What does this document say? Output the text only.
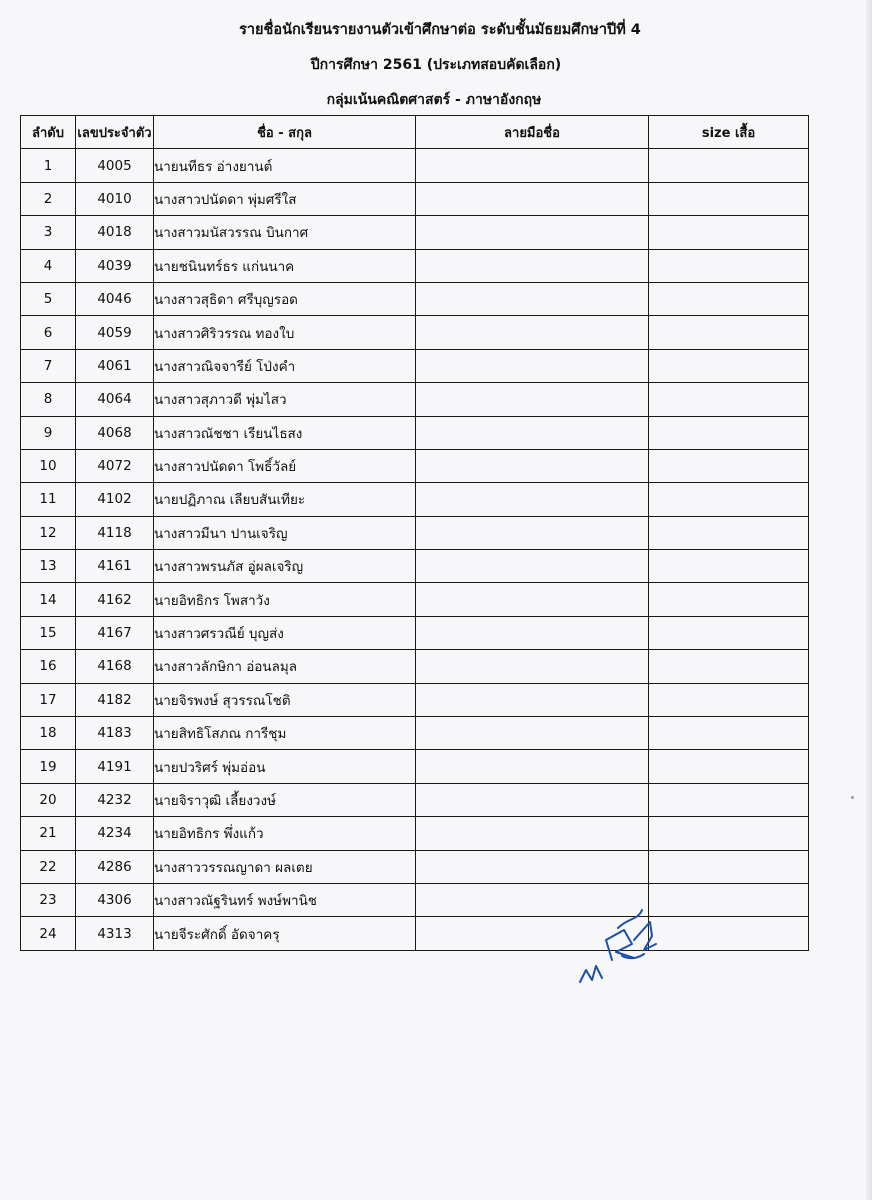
รายชื่อนักเรียนรายงานตัวเข้าศึกษาต่อ ระดับชั้นมัธยมศึกษาปีที่ 4
ปีการศึกษา 2561 (ประเภทสอบคัดเลือก)
กลุ่มเน้นคณิตศาสตร์ - ภาษาอังกฤษ
ลำดับ	เลขประจำตัว	ชื่อ - สกุล	ลายมือชื่อ	size เสื้อ
1	4005	นายนทีธร อ่างยานต์		
2	4010	นางสาวปนัดดา พุ่มศรีใส		
3	4018	นางสาวมนัสวรรณ บินกาศ		
4	4039	นายชนินทร์ธร แก่นนาค		
5	4046	นางสาวสุธิดา ศรีบุญรอด		
6	4059	นางสาวศิริวรรณ ทองใบ		
7	4061	นางสาวณิจจารีย์ โป่งคำ		
8	4064	นางสาวสุภาวดี พุ่มไสว		
9	4068	นางสาวณัชชา เรียนไธสง		
10	4072	นางสาวปนัดดา โพธิ์วัลย์		
11	4102	นายปฏิภาณ เลียบสันเทียะ		
12	4118	นางสาวมีนา ปานเจริญ		
13	4161	นางสาวพรนภัส อู่ผลเจริญ		
14	4162	นายอิทธิกร โพสาวัง		
15	4167	นางสาวศรวณีย์ บุญส่ง		
16	4168	นางสาวลักษิกา อ่อนลมุล		
17	4182	นายจิรพงษ์ สุวรรณโชติ		
18	4183	นายสิทธิโสภณ การีชุม		
19	4191	นายปวริศร์ พุ่มอ่อน		
20	4232	นายจิราวุฒิ เลี้ยงวงษ์		
21	4234	นายอิทธิกร พึ่งแก้ว		
22	4286	นางสาววรรณญาดา ผลเตย		
23	4306	นางสาวณัฐรินทร์ พงษ์พานิช		
24	4313	นายจีระศักดิ์ อัดจาครุ		
